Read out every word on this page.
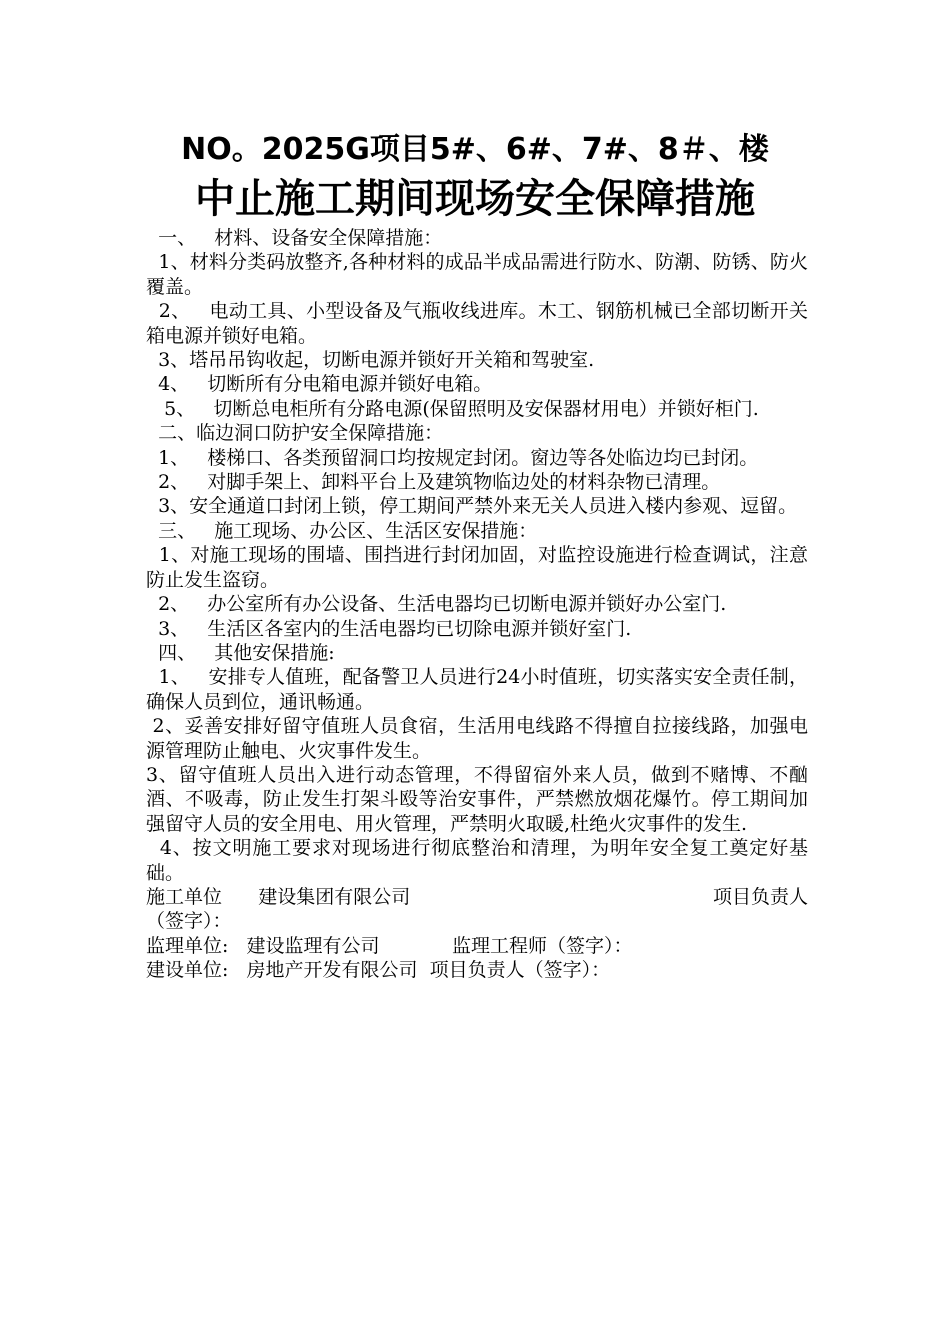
NO。2025G项目5#、6#、7#、8＃、楼
中止施工期间现场安全保障措施

一、   材料、设备安全保障措施：

1、材料分类码放整齐,各种材料的成品半成品需进行防水、防潮、防锈、防火覆盖。

2、   电动工具、小型设备及气瓶收线进库。木工、钢筋机械已全部切断开关箱电源并锁好电箱。

3、塔吊吊钩收起，切断电源并锁好开关箱和驾驶室.

4、   切断所有分电箱电源并锁好电箱。

5、   切断总电柜所有分路电源(保留照明及安保器材用电）并锁好柜门.

二、临边洞口防护安全保障措施：

1、   楼梯口、各类预留洞口均按规定封闭。窗边等各处临边均已封闭。

2、   对脚手架上、卸料平台上及建筑物临边处的材料杂物已清理。

3、安全通道口封闭上锁，停工期间严禁外来无关人员进入楼内参观、逗留。

三、   施工现场、办公区、生活区安保措施：

1、对施工现场的围墙、围挡进行封闭加固，对监控设施进行检查调试，注意防止发生盗窃。

2、   办公室所有办公设备、生活电器均已切断电源并锁好办公室门.

3、   生活区各室内的生活电器均已切除电源并锁好室门.

四、   其他安保措施:

1、   安排专人值班，配备警卫人员进行24小时值班，切实落实安全责任制，确保人员到位，通讯畅通。

2、妥善安排好留守值班人员食宿，生活用电线路不得擅自拉接线路，加强电源管理防止触电、火灾事件发生。

3、留守值班人员出入进行动态管理，不得留宿外来人员，做到不赌博、不酗酒、不吸毒，防止发生打架斗殴等治安事件，严禁燃放烟花爆竹。停工期间加强留守人员的安全用电、用火管理，严禁明火取暖,杜绝火灾事件的发生.

4、按文明施工要求对现场进行彻底整治和清理，为明年安全复工奠定好基础。

施工单位      建设集团有限公司	项目负责人

（签字）：

监理单位:   建设监理有公司            监理工程师（签字）：

建设单位:   房地产开发有限公司  项目负责人（签字）：
